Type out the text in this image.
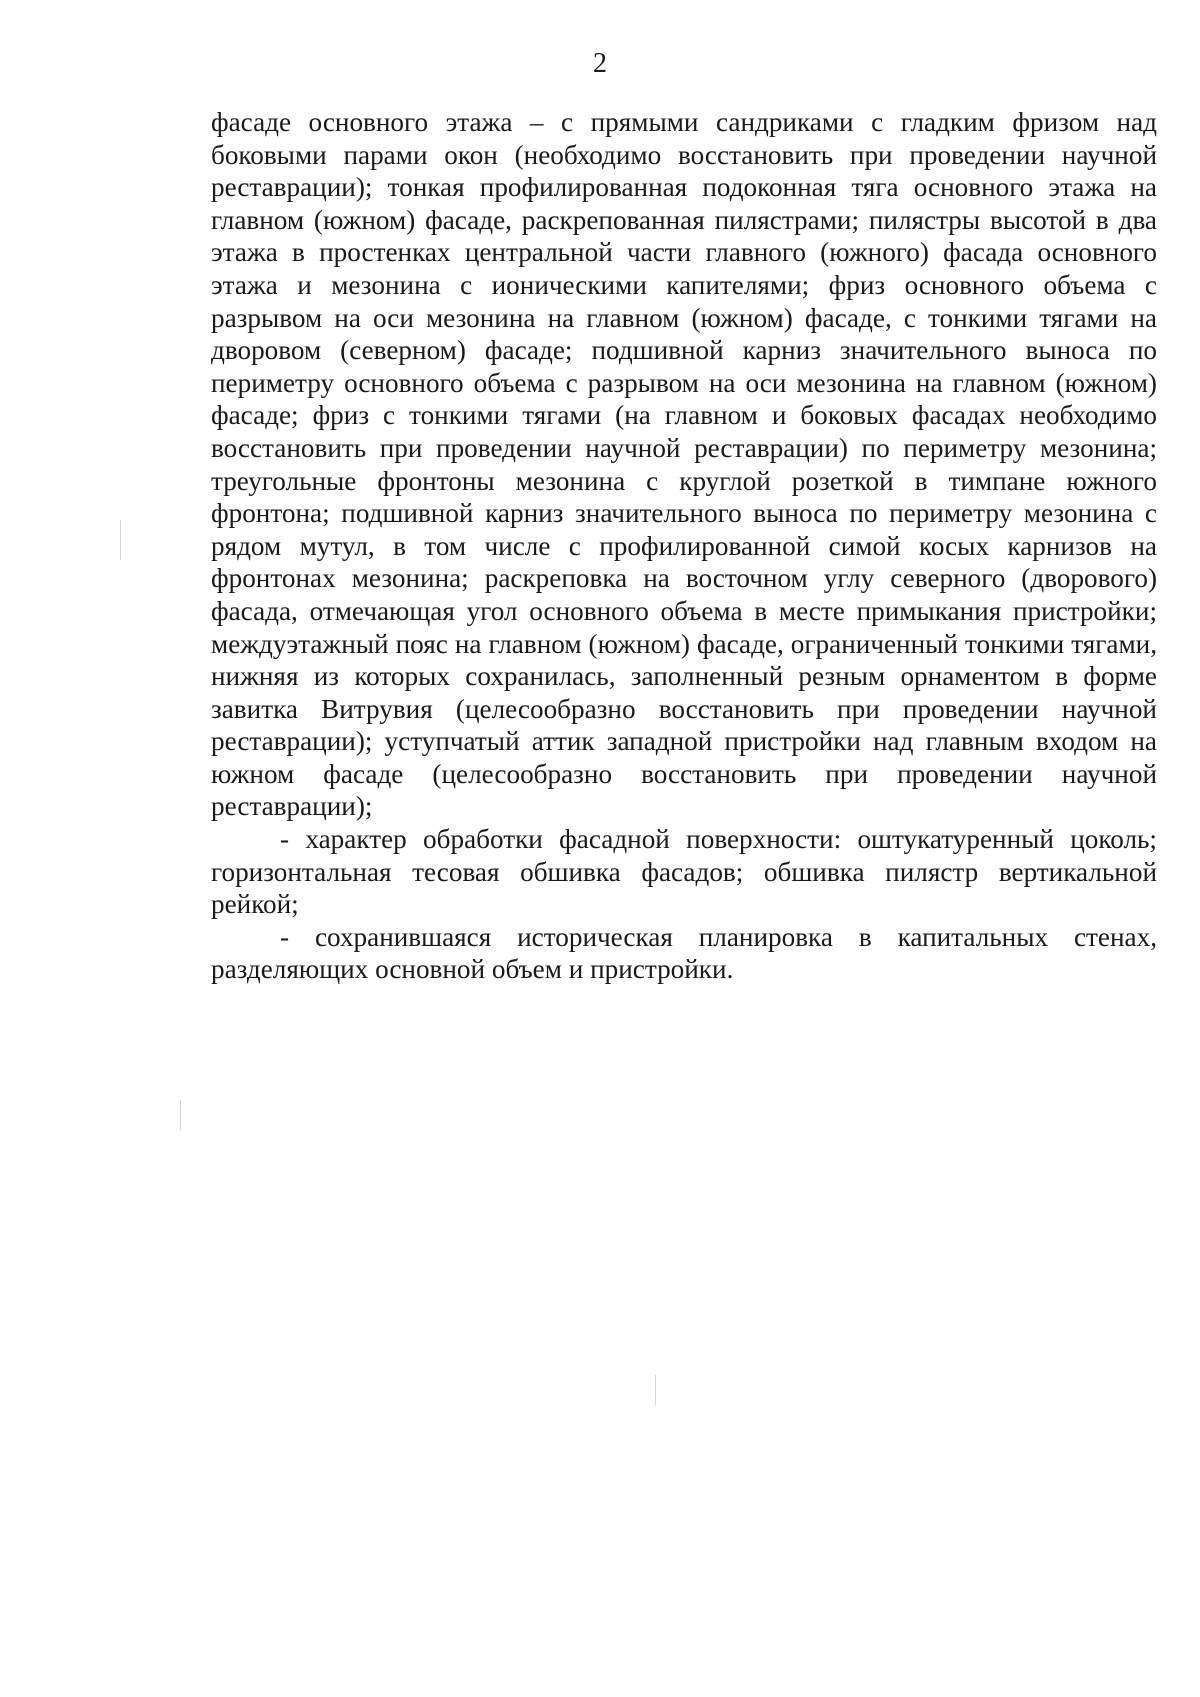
2

фасаде основного этажа – с прямыми сандриками с гладким фризом над боковыми парами окон (необходимо восстановить при проведении научной реставрации); тонкая профилированная подоконная тяга основного этажа на главном (южном) фасаде, раскрепованная пилястрами; пилястры высотой в два этажа в простенках центральной части главного (южного) фасада основного этажа и мезонина с ионическими капителями; фриз основного объема с разрывом на оси мезонина на главном (южном) фасаде, с тонкими тягами на дворовом (северном) фасаде; подшивной карниз значительного выноса по периметру основного объема с разрывом на оси мезонина на главном (южном) фасаде; фриз с тонкими тягами (на главном и боковых фасадах необходимо восстановить при проведении научной реставрации) по периметру мезонина; треугольные фронтоны мезонина с круглой розеткой в тимпане южного фронтона; подшивной карниз значительного выноса по периметру мезонина с рядом мутул, в том числе с профилированной симой косых карнизов на фронтонах мезонина; раскреповка на восточном углу северного (дворового) фасада, отмечающая угол основного объема в месте примыкания пристройки; междуэтажный пояс на главном (южном) фасаде, ограниченный тонкими тягами, нижняя из которых сохранилась, заполненный резным орнаментом в форме завитка Витрувия (целесообразно восстановить при проведении научной реставрации); уступчатый аттик западной пристройки над главным входом на южном фасаде (целесообразно восстановить при проведении научной реставрации);

- характер обработки фасадной поверхности: оштукатуренный цоколь; горизонтальная тесовая обшивка фасадов; обшивка пилястр вертикальной рейкой;

- сохранившаяся историческая планировка в капитальных стенах, разделяющих основной объем и пристройки.
